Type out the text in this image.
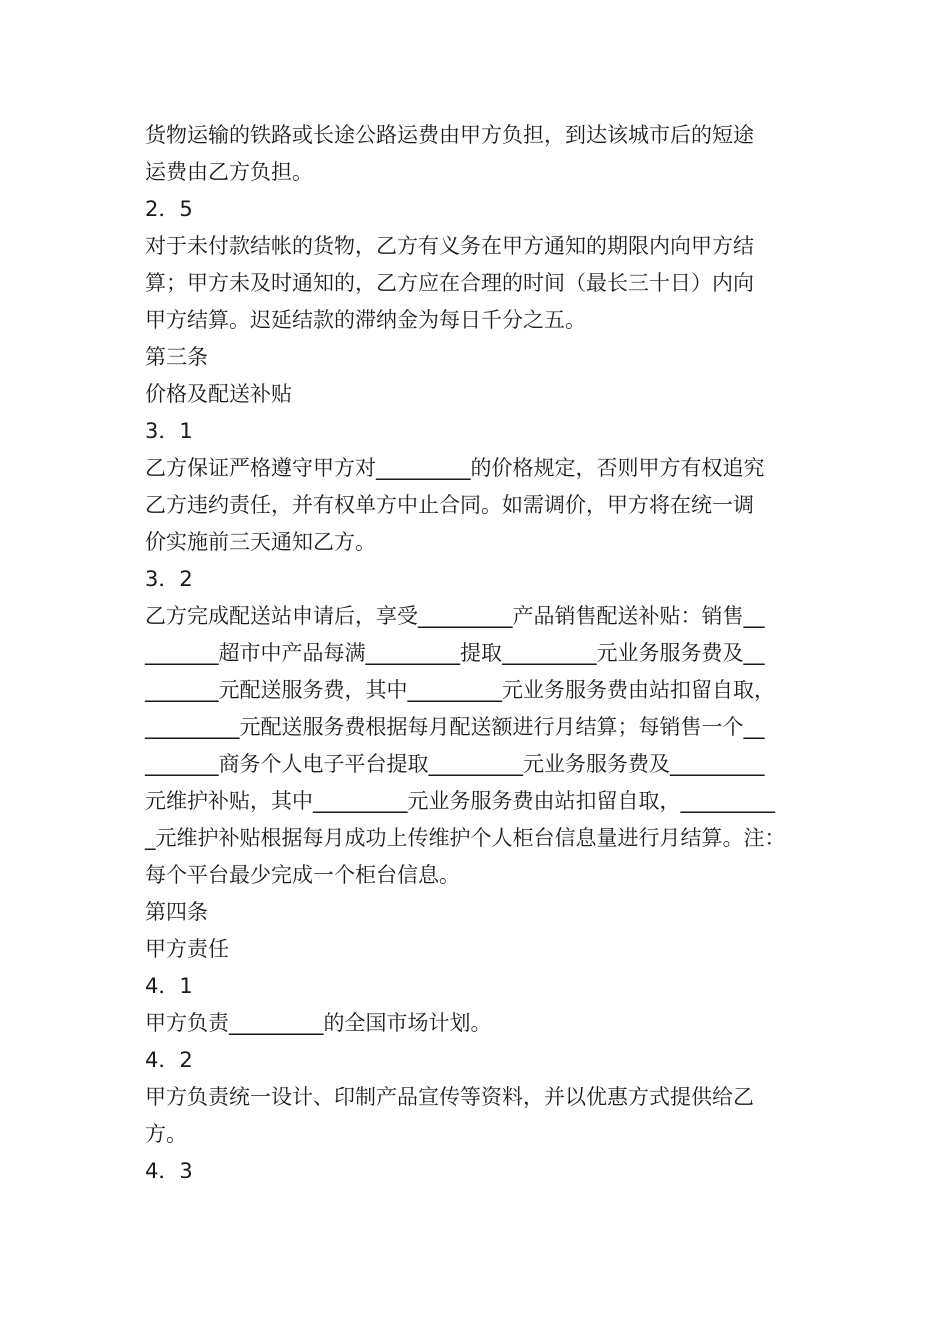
货物运输的铁路或长途公路运费由甲方负担，到达该城市后的短途

运费由乙方负担。

2．5

对于未付款结帐的货物，乙方有义务在甲方通知的期限内向甲方结

算；甲方未及时通知的，乙方应在合理的时间（最长三十日）内向

甲方结算。迟延结款的滞纳金为每日千分之五。

第三条

价格及配送补贴

3．1

乙方保证严格遵守甲方对_________的价格规定，否则甲方有权追究

乙方违约责任，并有权单方中止合同。如需调价，甲方将在统一调

价实施前三天通知乙方。

3．2

乙方完成配送站申请后，享受_________产品销售配送补贴：销售__

_______超市中产品每满_________提取_________元业务服务费及__

_______元配送服务费，其中_________元业务服务费由站扣留自取，

_________元配送服务费根据每月配送额进行月结算；每销售一个__

_______商务个人电子平台提取_________元业务服务费及_________

元维护补贴，其中_________元业务服务费由站扣留自取，_________

_元维护补贴根据每月成功上传维护个人柜台信息量进行月结算。注：

每个平台最少完成一个柜台信息。

第四条

甲方责任

4．1

甲方负责_________的全国市场计划。

4．2

甲方负责统一设计、印制产品宣传等资料，并以优惠方式提供给乙

方。

4．3
